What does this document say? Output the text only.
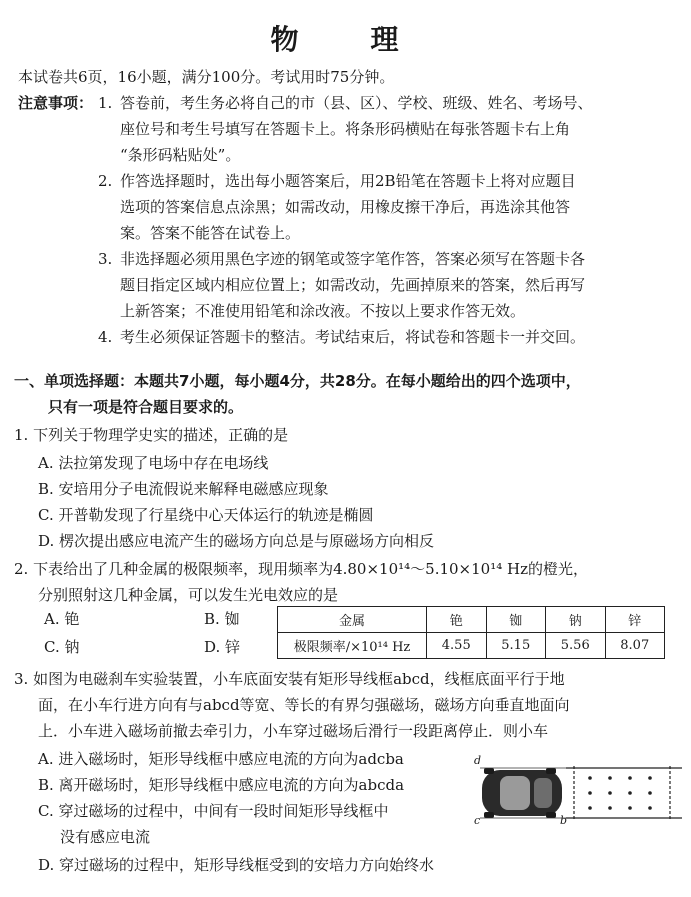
物　理
本试卷共6页，16小题，满分100分。考试用时75分钟。
注意事项： 1. 答卷前，考生务必将自己的市（县、区）、学校、班级、姓名、考场号、
座位号和考生号填写在答题卡上。将条形码横贴在每张答题卡右上角
“条形码粘贴处”。
2. 作答选择题时，选出每小题答案后，用2B铅笔在答题卡上将对应题目
选项的答案信息点涂黑；如需改动，用橡皮擦干净后，再选涂其他答
案。答案不能答在试卷上。
3. 非选择题必须用黑色字迹的钢笔或签字笔作答，答案必须写在答题卡各
题目指定区域内相应位置上；如需改动，先画掉原来的答案，然后再写
上新答案；不准使用铅笔和涂改液。不按以上要求作答无效。
4. 考生必须保证答题卡的整洁。考试结束后，将试卷和答题卡一并交回。
一、单项选择题：本题共7小题，每小题4分，共28分。在每小题给出的四个选项中，
只有一项是符合题目要求的。
1. 下列关于物理学史实的描述，正确的是
A. 法拉第发现了电场中存在电场线
B. 安培用分子电流假说来解释电磁感应现象
C. 开普勒发现了行星绕中心天体运行的轨迹是椭圆
D. 楞次提出感应电流产生的磁场方向总是与原磁场方向相反
2. 下表给出了几种金属的极限频率，现用频率为4.80×10¹⁴～5.10×10¹⁴ Hz的橙光，
分别照射这几种金属，可以发生光电效应的是
A. 铯	B. 铷
C. 钠	D. 锌
金属	铯	铷	钠	锌
极限频率/×10¹⁴ Hz	4.55	5.15	5.56	8.07
3. 如图为电磁刹车实验装置，小车底面安装有矩形导线框abcd，线框底面平行于地
面，在小车行进方向有与abcd等宽、等长的有界匀强磁场，磁场方向垂直地面向
上．小车进入磁场前撤去牵引力，小车穿过磁场后滑行一段距离停止．则小车
A. 进入磁场时，矩形导线框中感应电流的方向为adcba
B. 离开磁场时，矩形导线框中感应电流的方向为abcda
C. 穿过磁场的过程中，中间有一段时间矩形导线框中
没有感应电流
D. 穿过磁场的过程中，矩形导线框受到的安培力方向始终水
d
c	b
